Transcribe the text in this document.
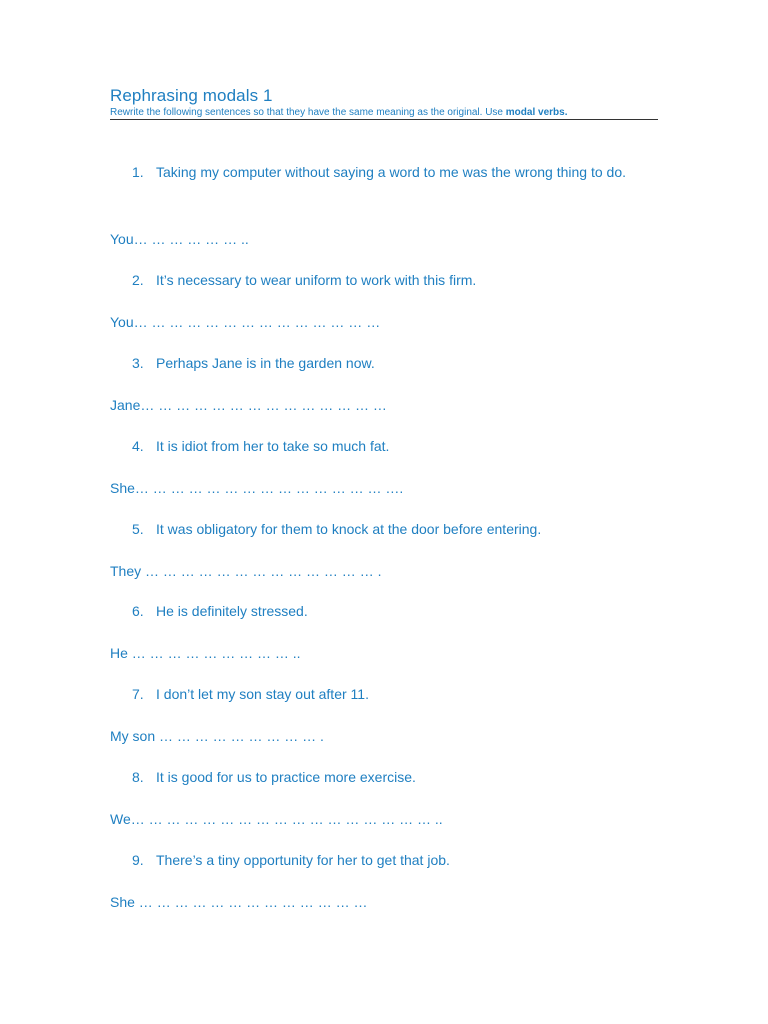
Rephrasing modals 1
Rewrite the following sentences so that they have the same meaning as the original. Use modal verbs.
1. Taking my computer without saying a word to me was the wrong thing to do.
You… … … … … … ..
2. It’s necessary to wear uniform to work with this firm.
You… … … … … … … … … … … … … …
3. Perhaps Jane is in the garden now.
Jane… … … … … … … … … … … … … …
4. It is idiot from her to take so much fat.
She… … … … … … … … … … … … … … ….
5. It was obligatory for them to knock at the door before entering.
They … … … … … … … … … … … … … .
6. He is definitely stressed.
He … … … … … … … … … ..
7. I don’t let my son stay out after 11.
My son … … … … … … … … … .
8. It is good for us to practice more exercise.
We… … … … … … … … … … … … … … … … … ..
9. There’s a tiny opportunity for her to get that job.
She … … … … … … … … … … … … …
